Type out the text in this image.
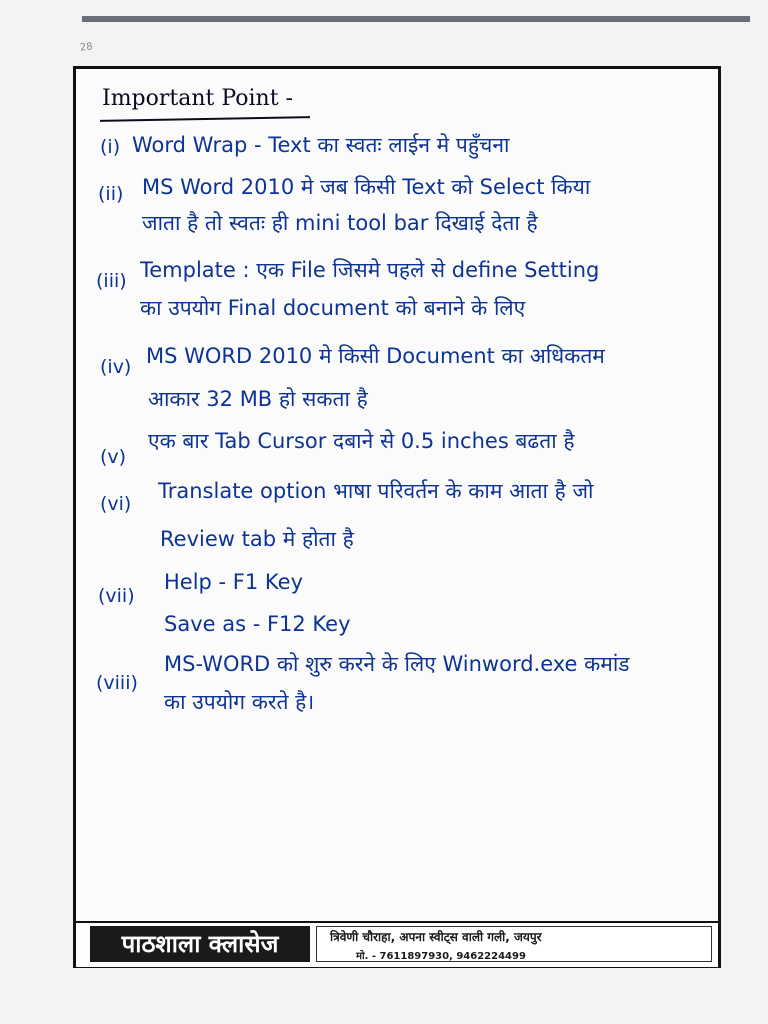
28
Important Point -
(i) Word Wrap - Text का स्वतः लाईन मे पहुँचना
(ii) MS Word 2010 मे जब किसी Text को Select किया
जाता है तो स्वतः ही mini tool bar दिखाई देता है
(iii) Template : एक File जिसमे पहले से define Setting
का उपयोग Final document को बनाने के लिए
(iv) MS WORD 2010 मे किसी Document का अधिकतम
आकार 32 MB हो सकता है
(v)
एक बार Tab Cursor दबाने से 0.5 inches बढता है
(vi)
Translate option भाषा परिवर्तन के काम आता है जो
Review tab मे होता है
(vii)
Help - F1 Key
Save as - F12 Key
(viii)
MS-WORD को शुरु करने के लिए Winword.exe कमांड
का उपयोग करते है।
पाठशाला क्लासेज	त्रिवेणी चौराहा, अपना स्वीट्स वाली गली, जयपुर
मो. - 7611897930, 9462224499
